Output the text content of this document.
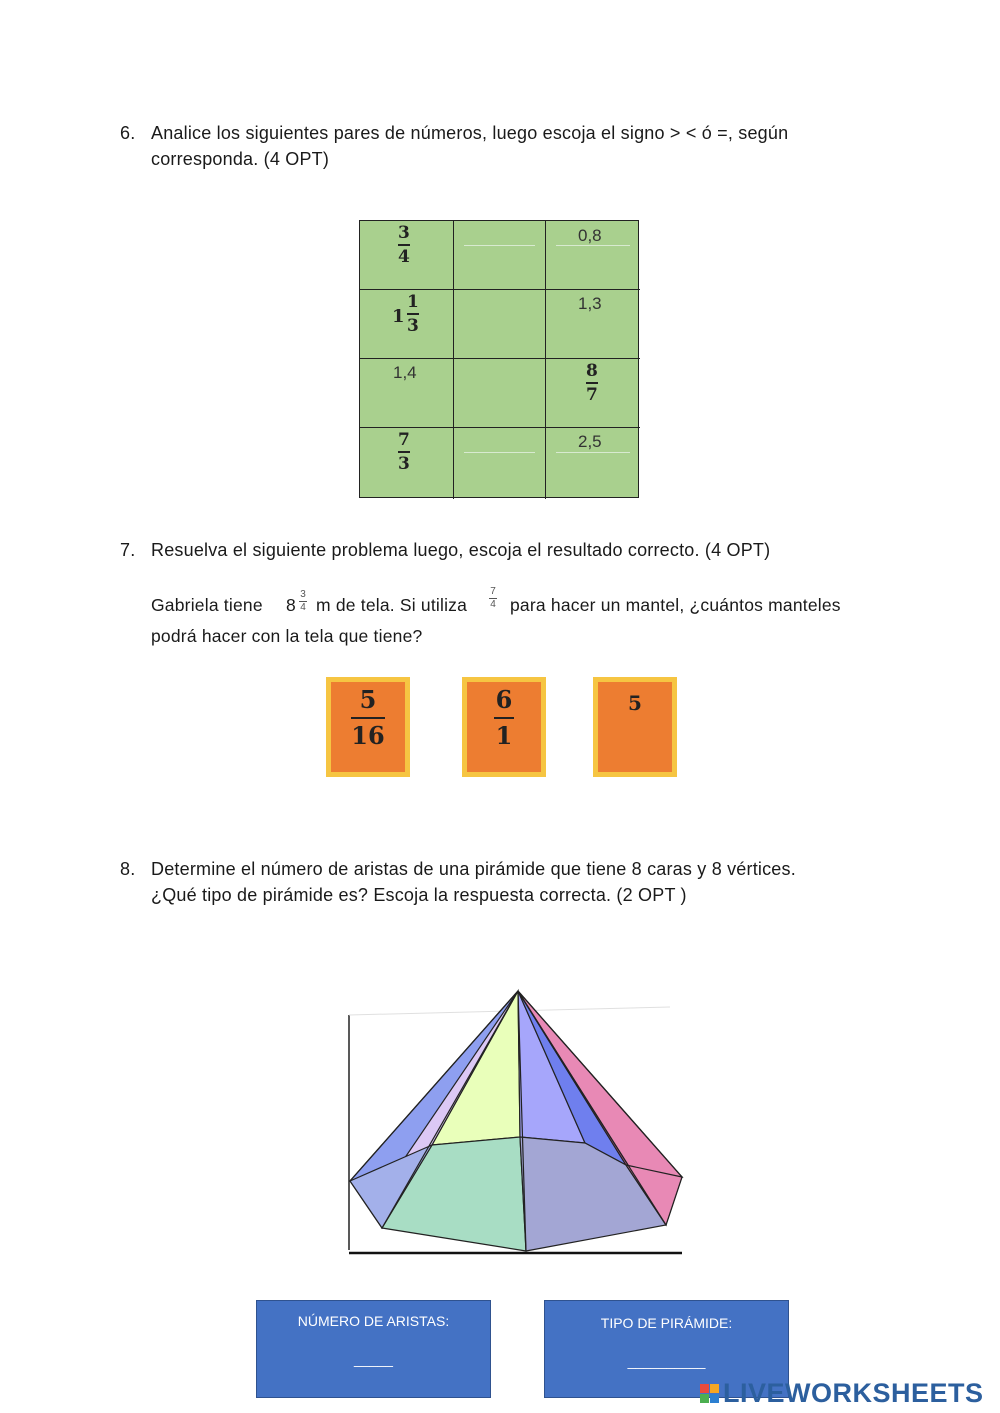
6. Analice los siguientes pares de números, luego escoja el signo > < ó =, según
corresponda. (4 OPT)
3
4
0,8
1
1
3
1,3
1,4	8
7
7
3
2,5
7. Resuelva el siguiente problema luego, escoja el resultado correcto. (4 OPT)
Gabriela tiene 8
3
4 m de tela. Si utiliza
7
4 para hacer un mantel, ¿cuántos manteles
podrá hacer con la tela que tiene?
5
16
6
1
5
8. Determine el número de aristas de una pirámide que tiene 8 caras y 8 vértices.
¿Qué tipo de pirámide es? Escoja la respuesta correcta. (2 OPT )
NÚMERO DE ARISTAS:
_____
TIPO DE PIRÁMIDE:
__________
LIVEWORKSHEETS
